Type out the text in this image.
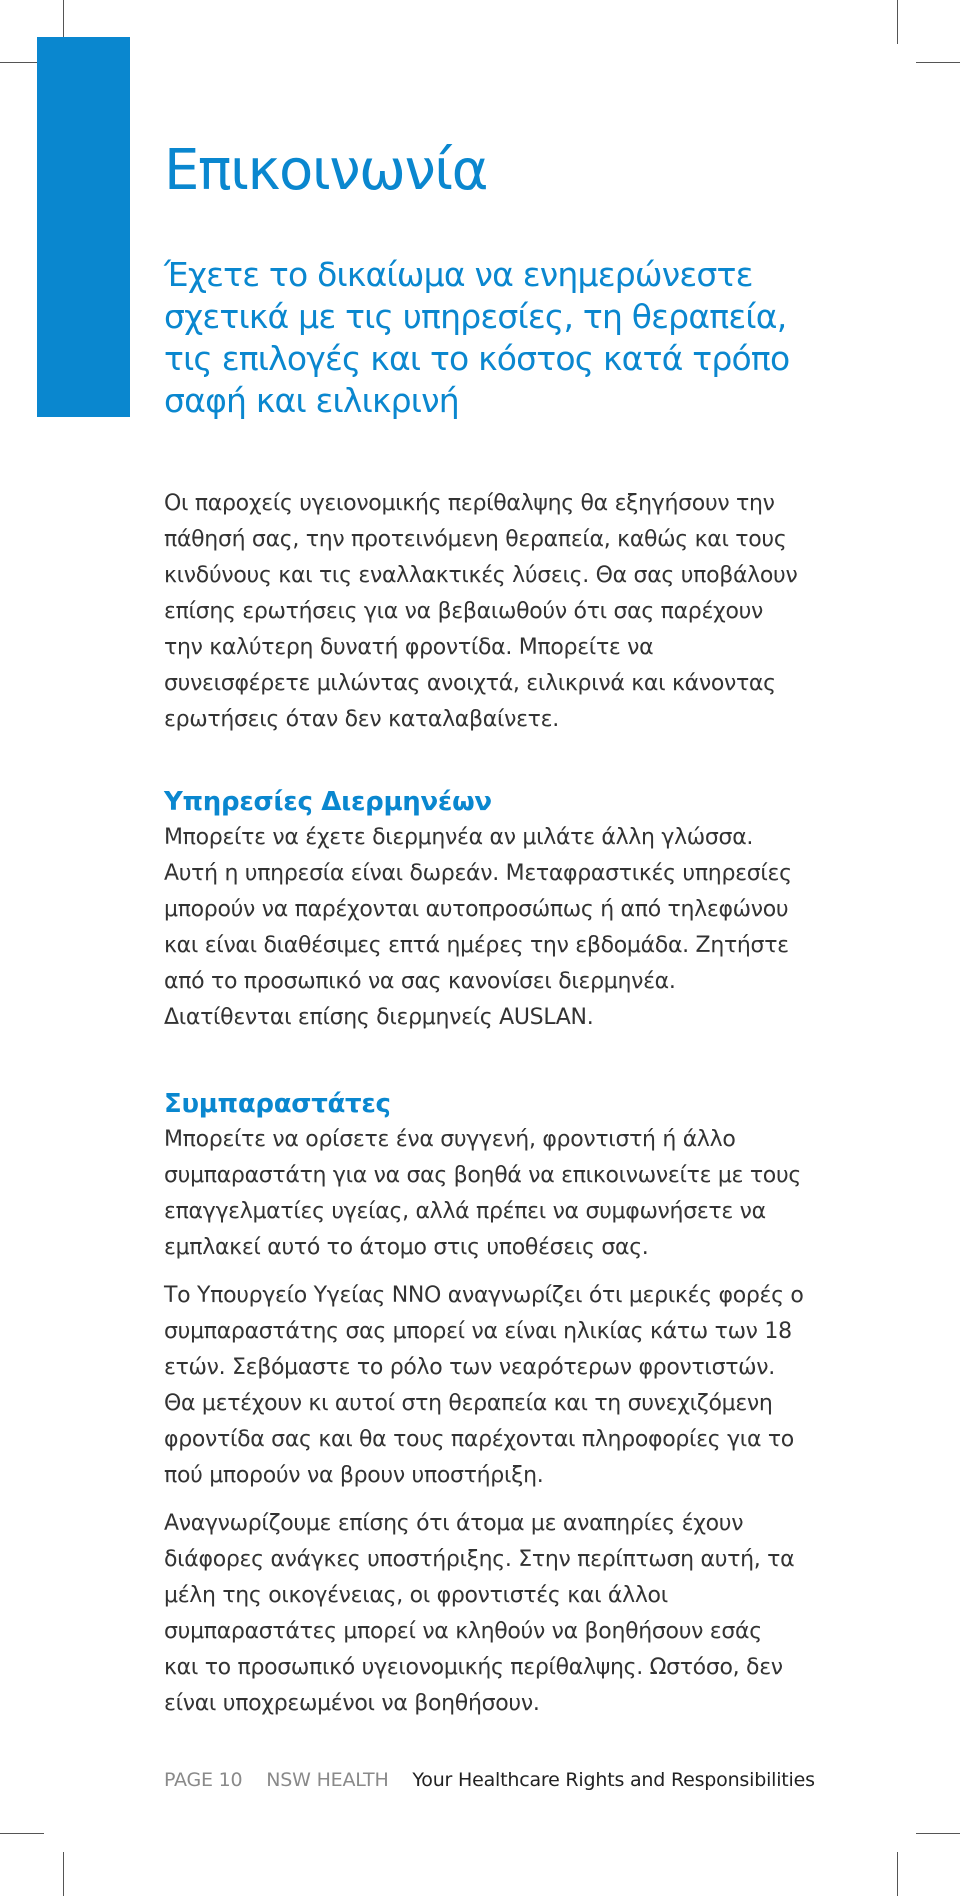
Επικοινωνία
Έχετε το δικαίωμα να ενημερώνεστε
σχετικά με τις υπηρεσίες, τη θεραπεία,
τις επιλογές και το κόστος κατά τρόπο
σαφή και ειλικρινή

Οι παροχείς υγειονομικής περίθαλψης θα εξηγήσουν την
πάθησή σας, την προτεινόμενη θεραπεία, καθώς και τους
κινδύνους και τις εναλλακτικές λύσεις. Θα σας υποβάλουν
επίσης ερωτήσεις για να βεβαιωθούν ότι σας παρέχουν
την καλύτερη δυνατή φροντίδα. Μπορείτε να
συνεισφέρετε μιλώντας ανοιχτά, ειλικρινά και κάνοντας
ερωτήσεις όταν δεν καταλαβαίνετε.

Υπηρεσίες Διερμηνέων

Μπορείτε να έχετε διερμηνέα αν μιλάτε άλλη γλώσσα.
Αυτή η υπηρεσία είναι δωρεάν. Μεταφραστικές υπηρεσίες
μπορούν να παρέχονται αυτοπροσώπως ή από τηλεφώνου
και είναι διαθέσιμες επτά ημέρες την εβδομάδα. Ζητήστε
από το προσωπικό να σας κανονίσει διερμηνέα.
Διατίθενται επίσης διερμηνείς AUSLAN.

Συμπαραστάτες

Μπορείτε να ορίσετε ένα συγγενή, φροντιστή ή άλλο
συμπαραστάτη για να σας βοηθά να επικοινωνείτε με τους
επαγγελματίες υγείας, αλλά πρέπει να συμφωνήσετε να
εμπλακεί αυτό το άτομο στις υποθέσεις σας.

Το Υπουργείο Υγείας ΝΝΟ αναγνωρίζει ότι μερικές φορές ο
συμπαραστάτης σας μπορεί να είναι ηλικίας κάτω των 18
ετών. Σεβόμαστε το ρόλο των νεαρότερων φροντιστών.
Θα μετέχουν κι αυτοί στη θεραπεία και τη συνεχιζόμενη
φροντίδα σας και θα τους παρέχονται πληροφορίες για το
πού μπορούν να βρουν υποστήριξη.

Αναγνωρίζουμε επίσης ότι άτομα με αναπηρίες έχουν
διάφορες ανάγκες υποστήριξης. Στην περίπτωση αυτή, τα
μέλη της οικογένειας, οι φροντιστές και άλλοι
συμπαραστάτες μπορεί να κληθούν να βοηθήσουν εσάς
και το προσωπικό υγειονομικής περίθαλψης. Ωστόσο, δεν
είναι υποχρεωμένοι να βοηθήσουν.

PAGE 10 NSW HEALTH Your Healthcare Rights and Responsibilities
